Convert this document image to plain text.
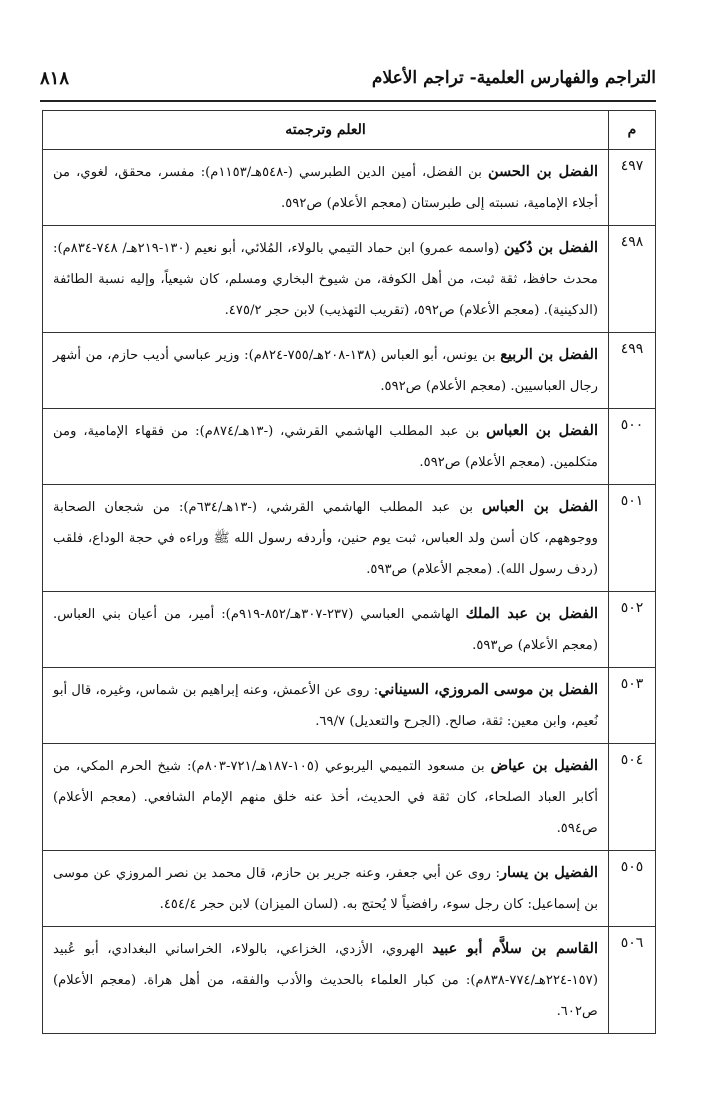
التراجم والفهارس العلمية- تراجم الأعلام
٨١٨
م	العلم وترجمته
٤٩٧	الفضل بن الحسن بن الفضل، أمين الدين الطبرسي (-٥٤٨هـ/١١٥٣م): مفسر، محقق، لغوي، من أجلاء الإمامية، نسبته إلى طبرستان (معجم الأعلام) ص٥٩٢.
٤٩٨	الفضل بن دُكين (واسمه عمرو) ابن حماد التيمي بالولاء، المُلائي، أبو نعيم (١٣٠-٢١٩هـ/ ٧٤٨-٨٣٤م): محدث حافظ، ثقة ثبت، من أهل الكوفة، من شيوخ البخاري ومسلم، كان شيعياً، وإليه نسبة الطائفة (الدكينية). (معجم الأعلام) ص٥٩٢، (تقريب التهذيب) لابن حجر ٤٧٥/٢.
٤٩٩	الفضل بن الربيع بن يونس، أبو العباس (١٣٨-٢٠٨هـ/٧٥٥-٨٢٤م): وزير عباسي أديب حازم، من أشهر رجال العباسيين. (معجم الأعلام) ص٥٩٢.
٥٠٠	الفضل بن العباس بن عبد المطلب الهاشمي القرشي، (-١٣هـ/٨٧٤م): من فقهاء الإمامية، ومن متكلمين. (معجم الأعلام) ص٥٩٢.
٥٠١	الفضل بن العباس بن عبد المطلب الهاشمي القرشي، (-١٣هـ/٦٣٤م): من شجعان الصحابة ووجوههم، كان أسن ولد العباس، ثبت يوم حنين، وأردفه رسول الله ﷺ وراءه في حجة الوداع، فلقب (ردف رسول الله). (معجم الأعلام) ص٥٩٣.
٥٠٢	الفضل بن عبد الملك الهاشمي العباسي (٢٣٧-٣٠٧هـ/٨٥٢-٩١٩م): أمير، من أعيان بني العباس. (معجم الأعلام) ص٥٩٣.
٥٠٣	الفضل بن موسى المروزي، السيناني: روى عن الأعمش، وعنه إبراهيم بن شماس، وغيره، قال أبو نُعيم، وابن معين: ثقة، صالح. (الجرح والتعديل) ٦٩/٧.
٥٠٤	الفضيل بن عياض بن مسعود التميمي اليربوعي (١٠٥-١٨٧هـ/٧٢١-٨٠٣م): شيخ الحرم المكي، من أكابر العباد الصلحاء، كان ثقة في الحديث، أخذ عنه خلق منهم الإمام الشافعي. (معجم الأعلام) ص٥٩٤.
٥٠٥	الفضيل بن يسار: روى عن أبي جعفر، وعنه جرير بن حازم، قال محمد بن نصر المروزي عن موسى بن إسماعيل: كان رجل سوء، رافضياً لا يُحتج به. (لسان الميزان) لابن حجر ٤٥٤/٤.
٥٠٦	القاسم بن سلاَّم أبو عبيد الهروي، الأزدي، الخزاعي، بالولاء، الخراساني البغدادي، أبو عُبيد (١٥٧-٢٢٤هـ/٧٧٤-٨٣٨م): من كبار العلماء بالحديث والأدب والفقه، من أهل هراة. (معجم الأعلام) ص٦٠٢.
